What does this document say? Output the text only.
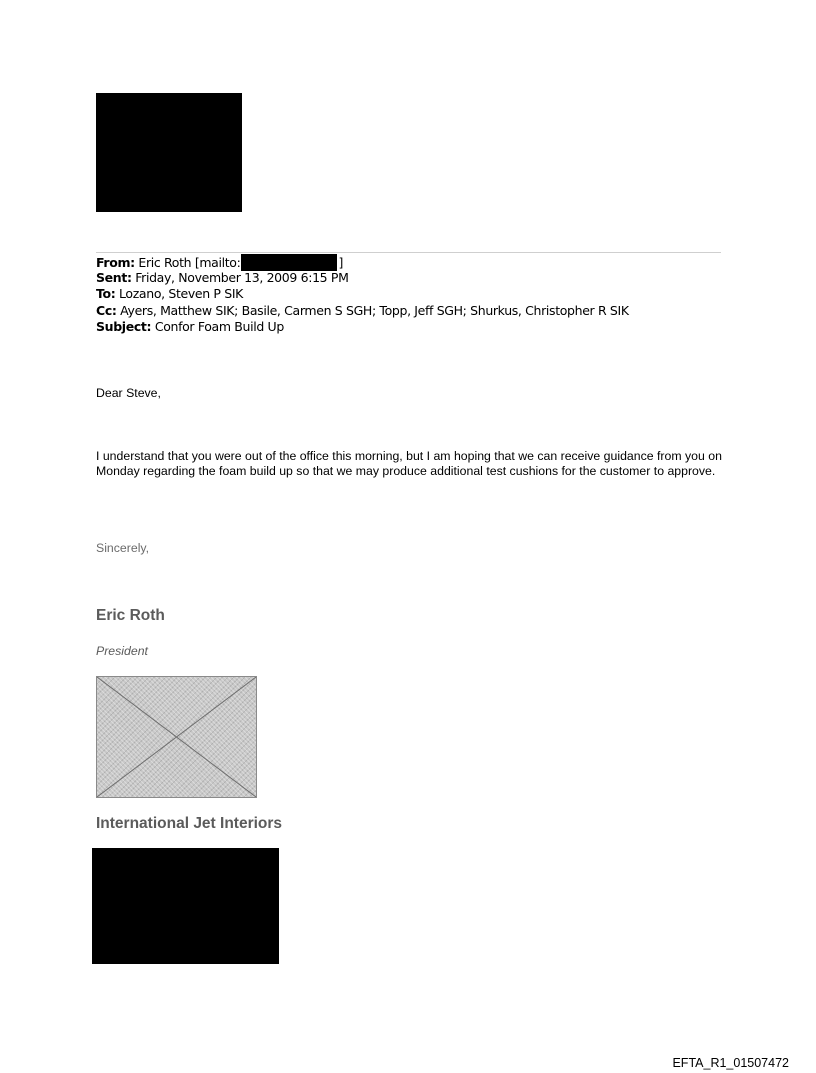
From: Eric Roth [mailto:	]
Sent: Friday, November 13, 2009 6:15 PM
To: Lozano, Steven P SIK
Cc: Ayers, Matthew SIK; Basile, Carmen S SGH; Topp, Jeff SGH; Shurkus, Christopher R SIK
Subject: Confor Foam Build Up
Dear Steve,
I understand that you were out of the office this morning, but I am hoping that we can receive guidance from you on Monday regarding the foam build up so that we may produce additional test cushions for the customer to approve.
Sincerely,
Eric Roth
President
International Jet Interiors
EFTA_R1_01507472
